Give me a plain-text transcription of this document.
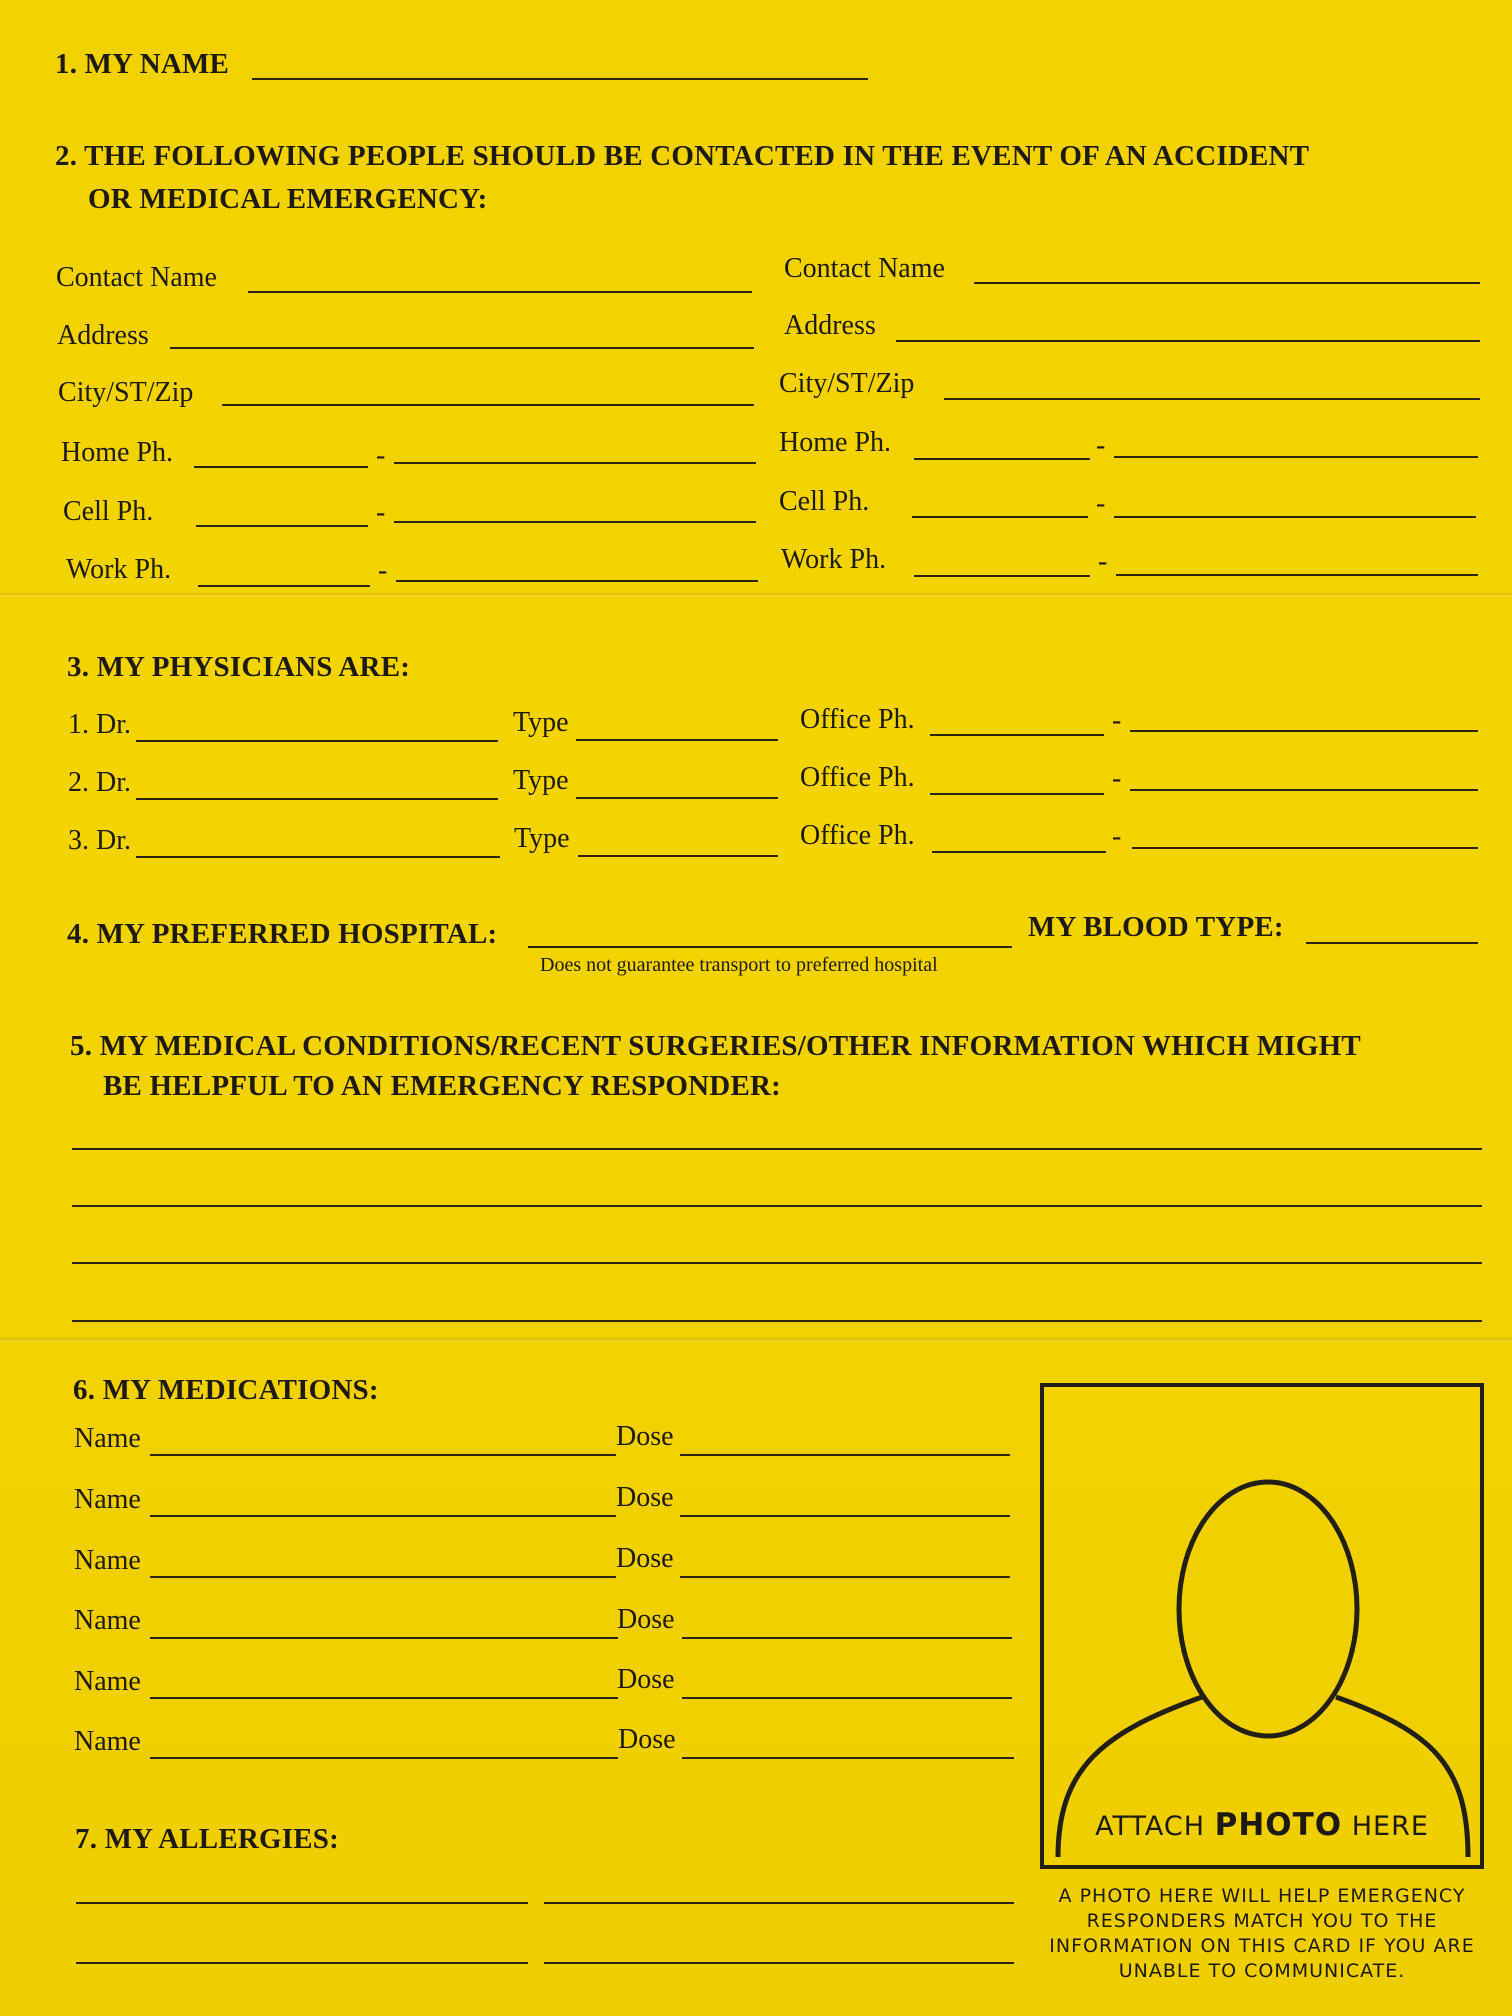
1. MY NAME
2. THE FOLLOWING PEOPLE SHOULD BE CONTACTED IN THE EVENT OF AN ACCIDENT
OR MEDICAL EMERGENCY:
Contact Name
Address
City/ST/Zip
Home Ph.	-
Cell Ph.	-
Work Ph.	-
Contact Name
Address
City/ST/Zip
Home Ph.	-
Cell Ph.	-
Work Ph.	-
3. MY PHYSICIANS ARE:
1. Dr.	Type	Office Ph.	-
2. Dr.	Type	Office Ph.	-
3. Dr.	Type	Office Ph.	-
4. MY PREFERRED HOSPITAL:	MY BLOOD TYPE:
Does not guarantee transport to preferred hospital
5. MY MEDICAL CONDITIONS/RECENT SURGERIES/OTHER INFORMATION WHICH MIGHT
BE HELPFUL TO AN EMERGENCY RESPONDER:
6. MY MEDICATIONS:
Name	Dose
Name	Dose
Name	Dose
Name	Dose
Name	Dose
Name	Dose
7. MY ALLERGIES:	ATTACH PHOTO HERE
A PHOTO HERE WILL HELP EMERGENCY RESPONDERS MATCH YOU TO THE INFORMATION ON THIS CARD IF YOU ARE UNABLE TO COMMUNICATE.
